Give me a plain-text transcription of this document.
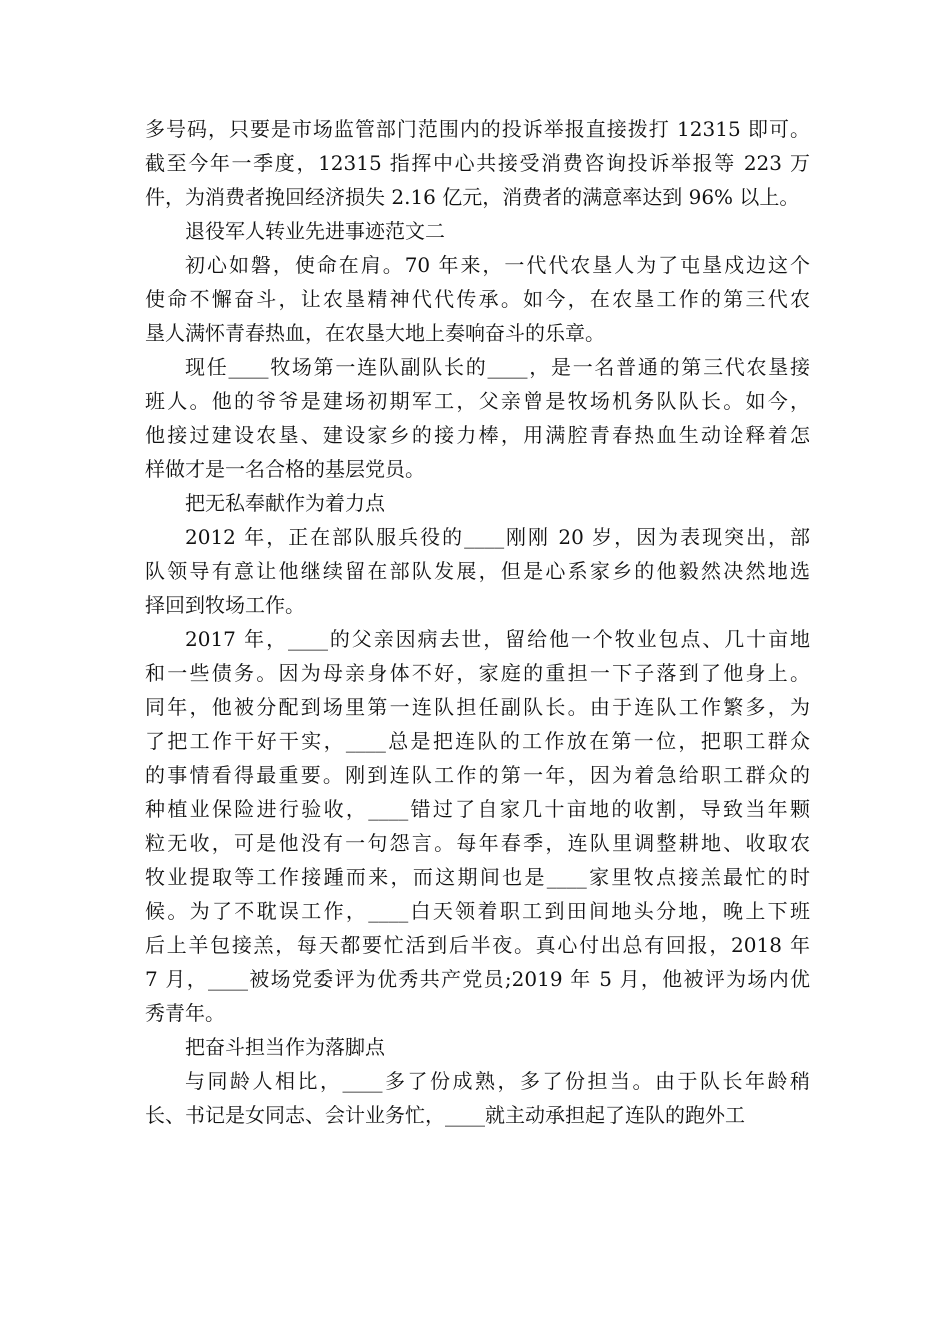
多号码，只要是市场监管部门范围内的投诉举报直接拨打 12315 即可。
截至今年一季度，12315 指挥中心共接受消费咨询投诉举报等 223 万
件，为消费者挽回经济损失 2.16 亿元，消费者的满意率达到 96% 以上。
退役军人转业先进事迹范文二
初心如磐，使命在肩。70 年来，一代代农垦人为了屯垦戍边这个
使命不懈奋斗，让农垦精神代代传承。如今，在农垦工作的第三代农
垦人满怀青春热血，在农垦大地上奏响奋斗的乐章。
现任____牧场第一连队副队长的____，是一名普通的第三代农垦接
班人。他的爷爷是建场初期军工，父亲曾是牧场机务队队长。如今，
他接过建设农垦、建设家乡的接力棒，用满腔青春热血生动诠释着怎
样做才是一名合格的基层党员。
把无私奉献作为着力点
2012 年，正在部队服兵役的____刚刚 20 岁，因为表现突出，部
队领导有意让他继续留在部队发展，但是心系家乡的他毅然决然地选
择回到牧场工作。
2017 年，____的父亲因病去世，留给他一个牧业包点、几十亩地
和一些债务。因为母亲身体不好，家庭的重担一下子落到了他身上。
同年，他被分配到场里第一连队担任副队长。由于连队工作繁多，为
了把工作干好干实，____总是把连队的工作放在第一位，把职工群众
的事情看得最重要。刚到连队工作的第一年，因为着急给职工群众的
种植业保险进行验收，____错过了自家几十亩地的收割，导致当年颗
粒无收，可是他没有一句怨言。每年春季，连队里调整耕地、收取农
牧业提取等工作接踵而来，而这期间也是____家里牧点接羔最忙的时
候。为了不耽误工作，____白天领着职工到田间地头分地，晚上下班
后上羊包接羔，每天都要忙活到后半夜。真心付出总有回报，2018 年
7 月，____被场党委评为优秀共产党员;2019 年 5 月，他被评为场内优
秀青年。
把奋斗担当作为落脚点
与同龄人相比，____多了份成熟，多了份担当。由于队长年龄稍
长、书记是女同志、会计业务忙，____就主动承担起了连队的跑外工
